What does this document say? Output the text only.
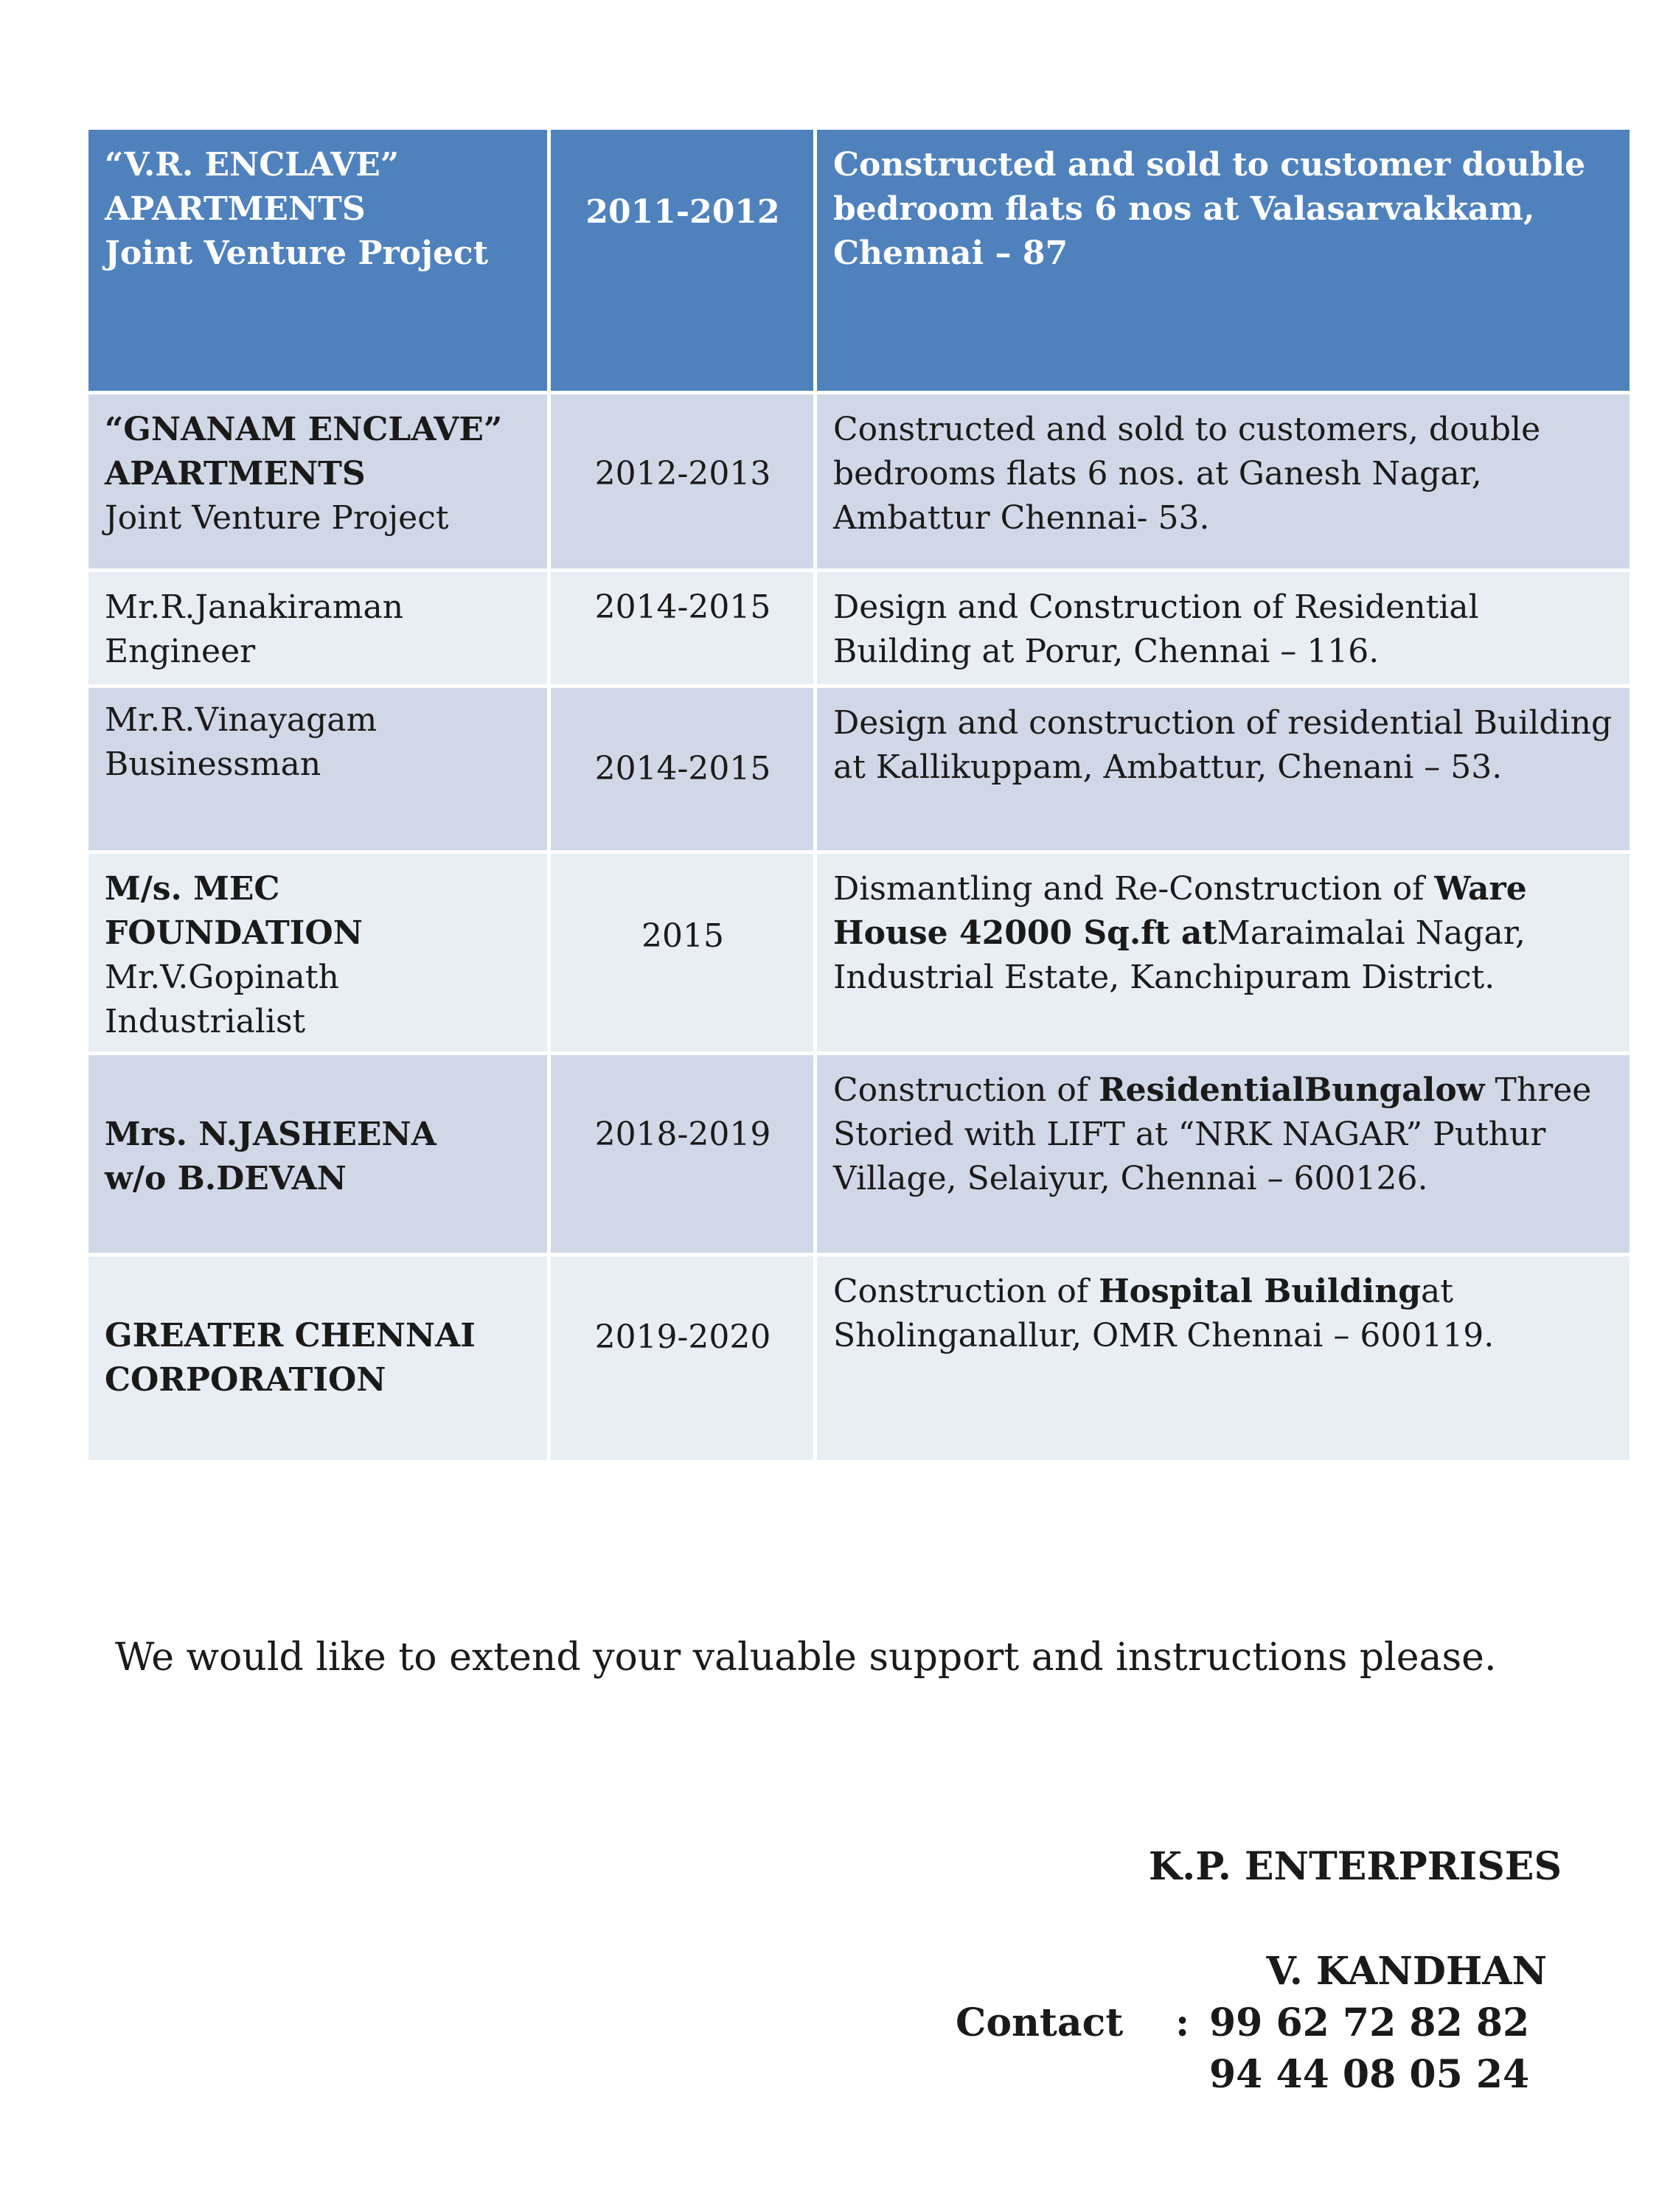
“V.R. ENCLAVE”
APARTMENTS
Joint Venture Project	2011-2012	Constructed and sold to customer double bedroom flats 6 nos at Valasarvakkam, Chennai – 87

“GNANAM ENCLAVE”
APARTMENTS
Joint Venture Project	2012-2013	Constructed and sold to customers, double bedrooms flats 6 nos. at Ganesh Nagar, Ambattur Chennai- 53.

Mr.R.Janakiraman
Engineer	2014-2015	Design and Construction of Residential Building at Porur, Chennai – 116.

Mr.R.Vinayagam
Businessman	2014-2015	Design and construction of residential Building at Kallikuppam, Ambattur, Chenani – 53.

M/s. MEC
FOUNDATION
Mr.V.Gopinath
Industrialist	2015	Dismantling and Re-Construction of Ware House 42000 Sq.ft atMaraimalai Nagar, Industrial Estate, Kanchipuram District.

Mrs. N.JASHEENA
w/o B.DEVAN	2018-2019	Construction of ResidentialBungalow Three Storied with LIFT at “NRK NAGAR” Puthur Village, Selaiyur, Chennai – 600126.

GREATER CHENNAI
CORPORATION	2019-2020	Construction of Hospital Buildingat Sholinganallur, OMR Chennai – 600119.
We would like to extend your valuable support and instructions please.
K.P. ENTERPRISES
V. KANDHAN
Contact : 99 62 72 82 82
94 44 08 05 24
